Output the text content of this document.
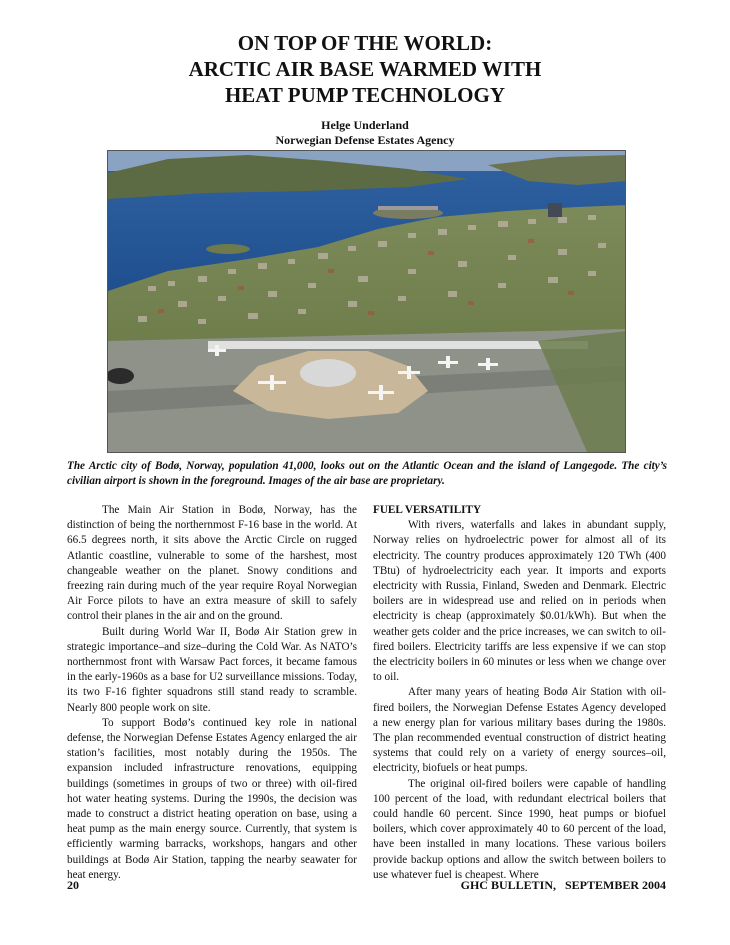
ON TOP OF THE WORLD:
ARCTIC AIR BASE WARMED WITH
HEAT PUMP TECHNOLOGY
Helge Underland
Norwegian Defense Estates Agency
The Arctic city of Bodø, Norway, population 41,000, looks out on the Atlantic Ocean and the island of Langegode. The city’s civilian airport is shown in the foreground. Images of the air base are proprietary.

The Main Air Station in Bodø, Norway, has the distinction of being the northernmost F-16 base in the world. At 66.5 degrees north, it sits above the Arctic Circle on rugged Atlantic coastline, vulnerable to some of the harshest, most changeable weather on the planet. Snowy conditions and freezing rain during much of the year require Royal Norwegian Air Force pilots to have an extra measure of skill to safely control their planes in the air and on the ground.

Built during World War II, Bodø Air Station grew in strategic importance–and size–during the Cold War. As NATO’s northernmost front with Warsaw Pact forces, it became famous in the early-1960s as a base for U2 surveillance missions. Today, its two F-16 fighter squadrons still stand ready to scramble. Nearly 800 people work on site.

To support Bodø’s continued key role in national defense, the Norwegian Defense Estates Agency enlarged the air station’s facilities, most notably during the 1950s. The expansion included infrastructure renovations, equipping buildings (sometimes in groups of two or three) with oil-fired hot water heating systems. During the 1990s, the decision was made to construct a district heating operation on base, using a heat pump as the main energy source. Currently, that system is efficiently warming barracks, workshops, hangars and other buildings at Bodø Air Station, tapping the nearby seawater for heat energy.

FUEL VERSATILITY

With rivers, waterfalls and lakes in abundant supply, Norway relies on hydroelectric power for almost all of its electricity. The country produces approximately 120 TWh (400 TBtu) of hydroelectricity each year. It imports and exports electricity with Russia, Finland, Sweden and Denmark. Electric boilers are in widespread use and relied on in periods when electricity is cheap (approximately $0.01/kWh). But when the weather gets colder and the price increases, we can switch to oil-fired boilers. Electricity tariffs are less expensive if we can stop the electricity boilers in 60 minutes or less when we change over to oil.

After many years of heating Bodø Air Station with oil-fired boilers, the Norwegian Defense Estates Agency developed a new energy plan for various military bases during the 1980s. The plan recommended eventual construction of district heating systems that could rely on a variety of energy sources–oil, electricity, biofuels or heat pumps.

The original oil-fired boilers were capable of handling 100 percent of the load, with redundant electrical boilers that could handle 60 percent. Since 1990, heat pumps or biofuel boilers, which cover approximately 40 to 60 percent of the load, have been installed in many locations. These various boilers provide backup options and allow the switch between boilers to use whatever fuel is cheapest. Where

20	GHC BULLETIN,   SEPTEMBER 2004
